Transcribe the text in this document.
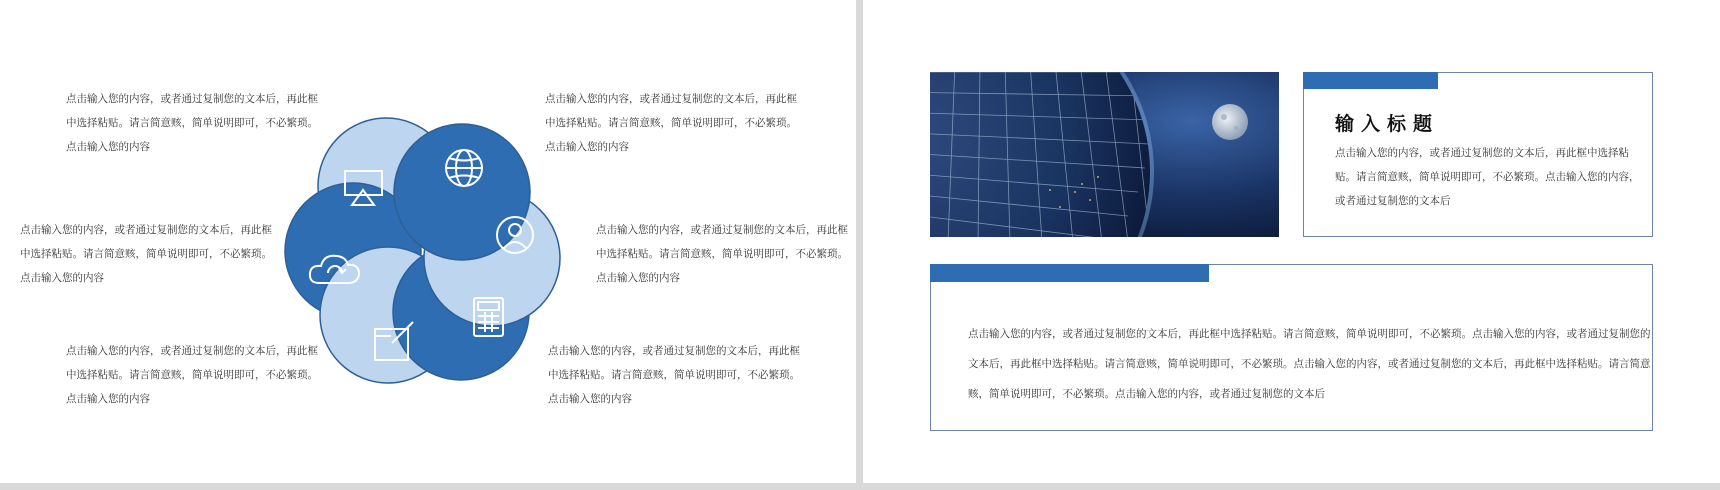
点击输入您的内容，或者通过复制您的文本后，再此框
中选择粘贴。请言简意赅，简单说明即可，不必繁琐。
点击输入您的内容
点击输入您的内容，或者通过复制您的文本后，再此框
中选择粘贴。请言简意赅，简单说明即可，不必繁琐。
点击输入您的内容
点击输入您的内容，或者通过复制您的文本后，再此框
中选择粘贴。请言简意赅，简单说明即可，不必繁琐。
点击输入您的内容
点击输入您的内容，或者通过复制您的文本后，再此框
中选择粘贴。请言简意赅，简单说明即可，不必繁琐。
点击输入您的内容
点击输入您的内容，或者通过复制您的文本后，再此框
中选择粘贴。请言简意赅，简单说明即可，不必繁琐。
点击输入您的内容
点击输入您的内容，或者通过复制您的文本后，再此框
中选择粘贴。请言简意赅，简单说明即可，不必繁琐。
点击输入您的内容
输入标题
点击输入您的内容，或者通过复制您的文本后，再此框中选择粘
贴。请言简意赅，简单说明即可，不必繁琐。点击输入您的内容，
或者通过复制您的文本后
点击输入您的内容，或者通过复制您的文本后，再此框中选择粘贴。请言简意赅，简单说明即可，不必繁琐。点击输入您的内容，或者通过复制您的
文本后，再此框中选择粘贴。请言简意赅，简单说明即可，不必繁琐。点击输入您的内容，或者通过复制您的文本后，再此框中选择粘贴。请言简意
赅，简单说明即可，不必繁琐。点击输入您的内容，或者通过复制您的文本后
